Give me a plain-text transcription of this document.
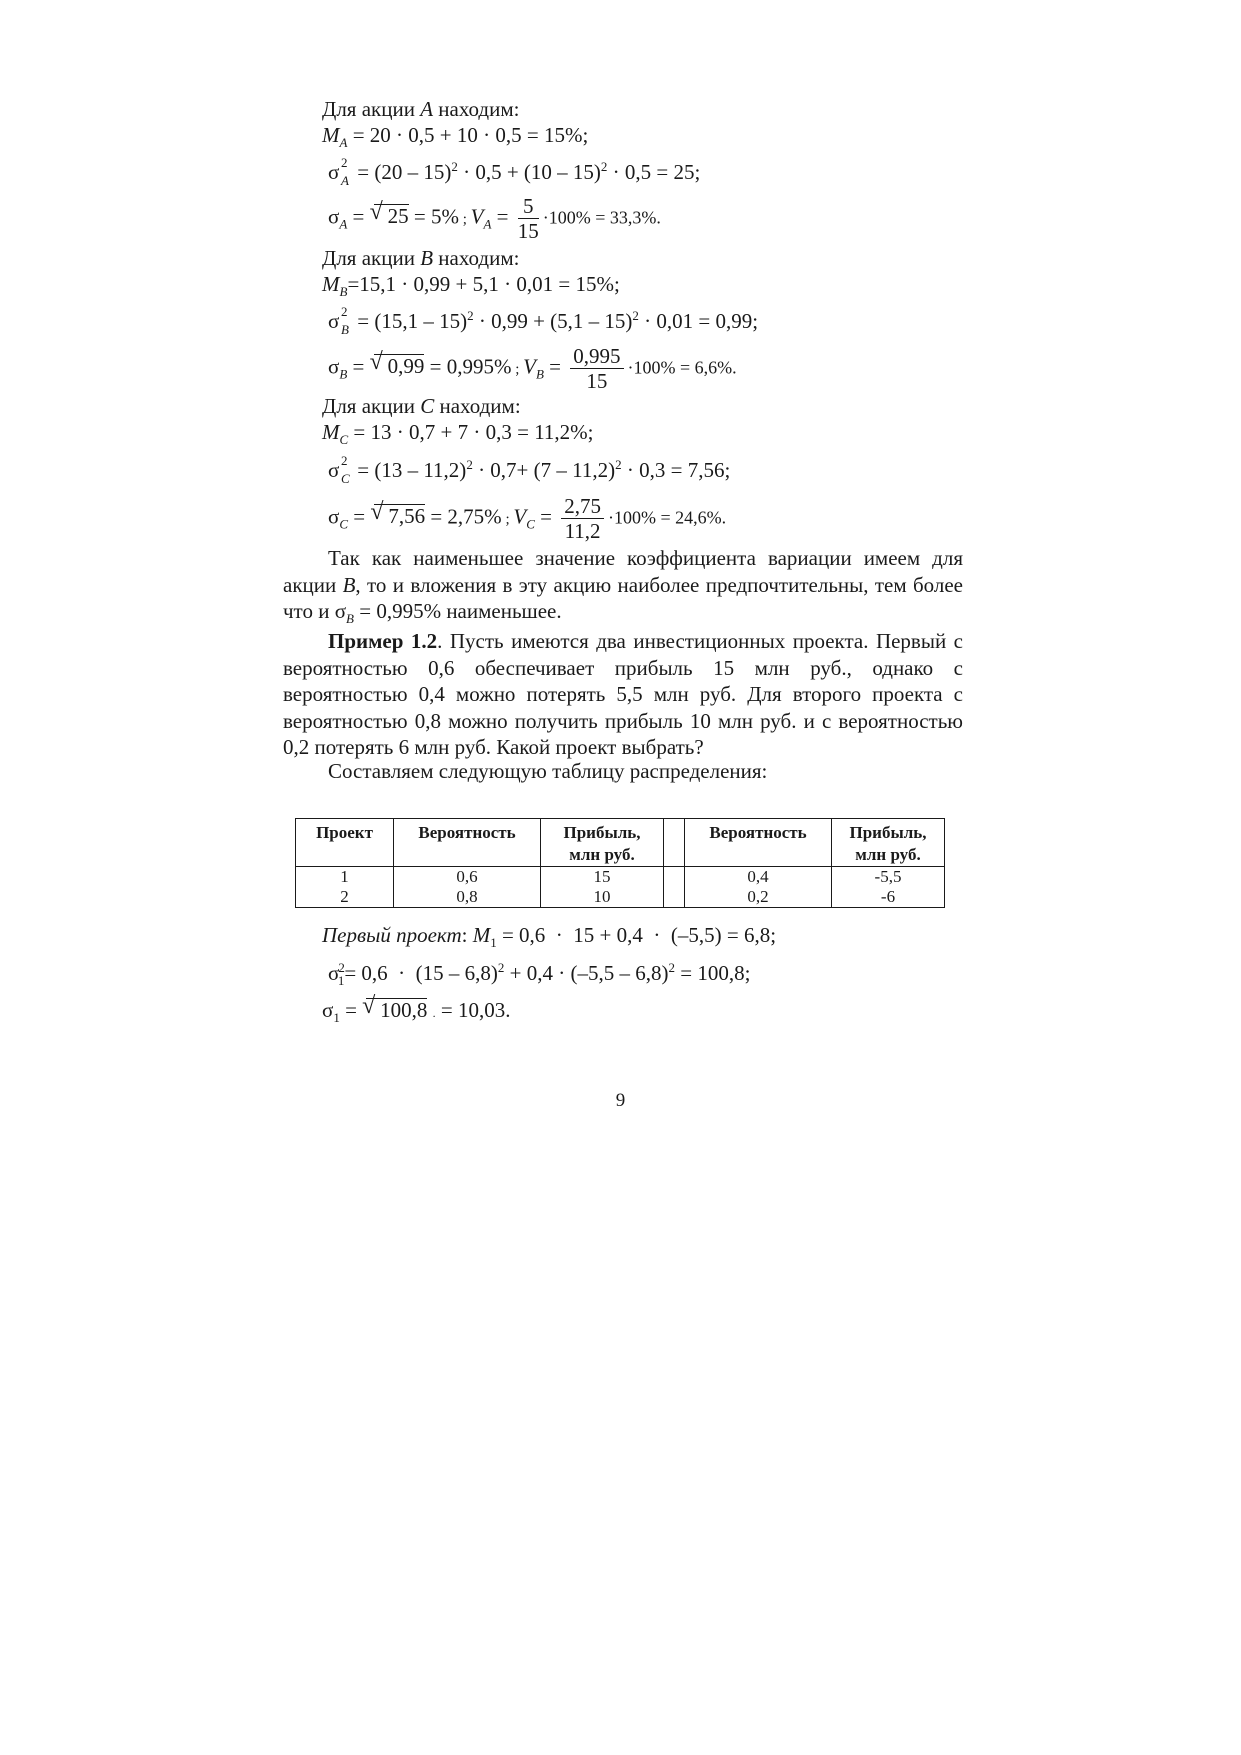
Для акции A находим:
$M_A = 20 \cdot 0,5 + 10 \cdot 0,5 = 15\%$;
σ 2
A = (20 – 15)$^2$ · 0,5 + (10 – 15)$^2$ · 0,5 = 25;
$\sigma_A$ = √ 25 = 5% ; $V_A = \frac{5}{15} \cdot 100\% = 33,3\%$.
Для акции B находим:
$M_B=15,1 \cdot 0,99 + 5,1 \cdot 0,01 = 15\%$;
σ 2
B = (15,1 – 15)$^2$ · 0,99 + (5,1 – 15)$^2$ · 0,01 = 0,99;
$\sigma_B$ = √ 0,99 = 0,995% ; $V_B = \frac{0,995}{15} \cdot 100\% = 6,6\%$.
Для акции C находим:
$M_C = 13 \cdot 0,7 + 7 \cdot 0,3 = 11,2\%$;
σ 2
C = (13 – 11,2)$^2$ · 0,7+ (7 – 11,2)$^2$ · 0,3 = 7,56;
$\sigma_C$ = √ 7,56 = 2,75% ; $V_C = \frac{2,75}{11,2} \cdot 100\% = 24,6\%$.

Так как наименьшее значение коэффициента вариации имеем для акции B, то и вложения в эту акцию наиболее предпочтительны, тем более что и $\sigma_B = 0,995\%$ наименьшее.

Пример 1.2. Пусть имеются два инвестиционных проекта. Первый с вероятностью 0,6 обеспечивает прибыль 15 млн руб., однако с вероятностью 0,4 можно потерять 5,5 млн руб. Для второго проекта с вероятностью 0,8 можно получить прибыль 10 млн руб. и с вероятностью 0,2 потерять 6 млн руб. Какой проект выбрать?

Составляем следующую таблицу распределения:
Проект	Вероятность	Прибыль,
млн руб.		Вероятность	Прибыль,
млн руб.
1	0,6	15		0,4	-5,5
2	0,8	10		0,2	-6
Первый проект: $M_1 = 0,6 \cdot 15 + 0,4 \cdot (-5,5) = 6,8$;
$\sigma^2_1= 0,6 \cdot (15 - 6,8)^2 + 0,4 \cdot (-5,5 - 6,8)^2 = 100,8$;
$\sigma_1$ = √ 100,8 . = 10,03.
9
